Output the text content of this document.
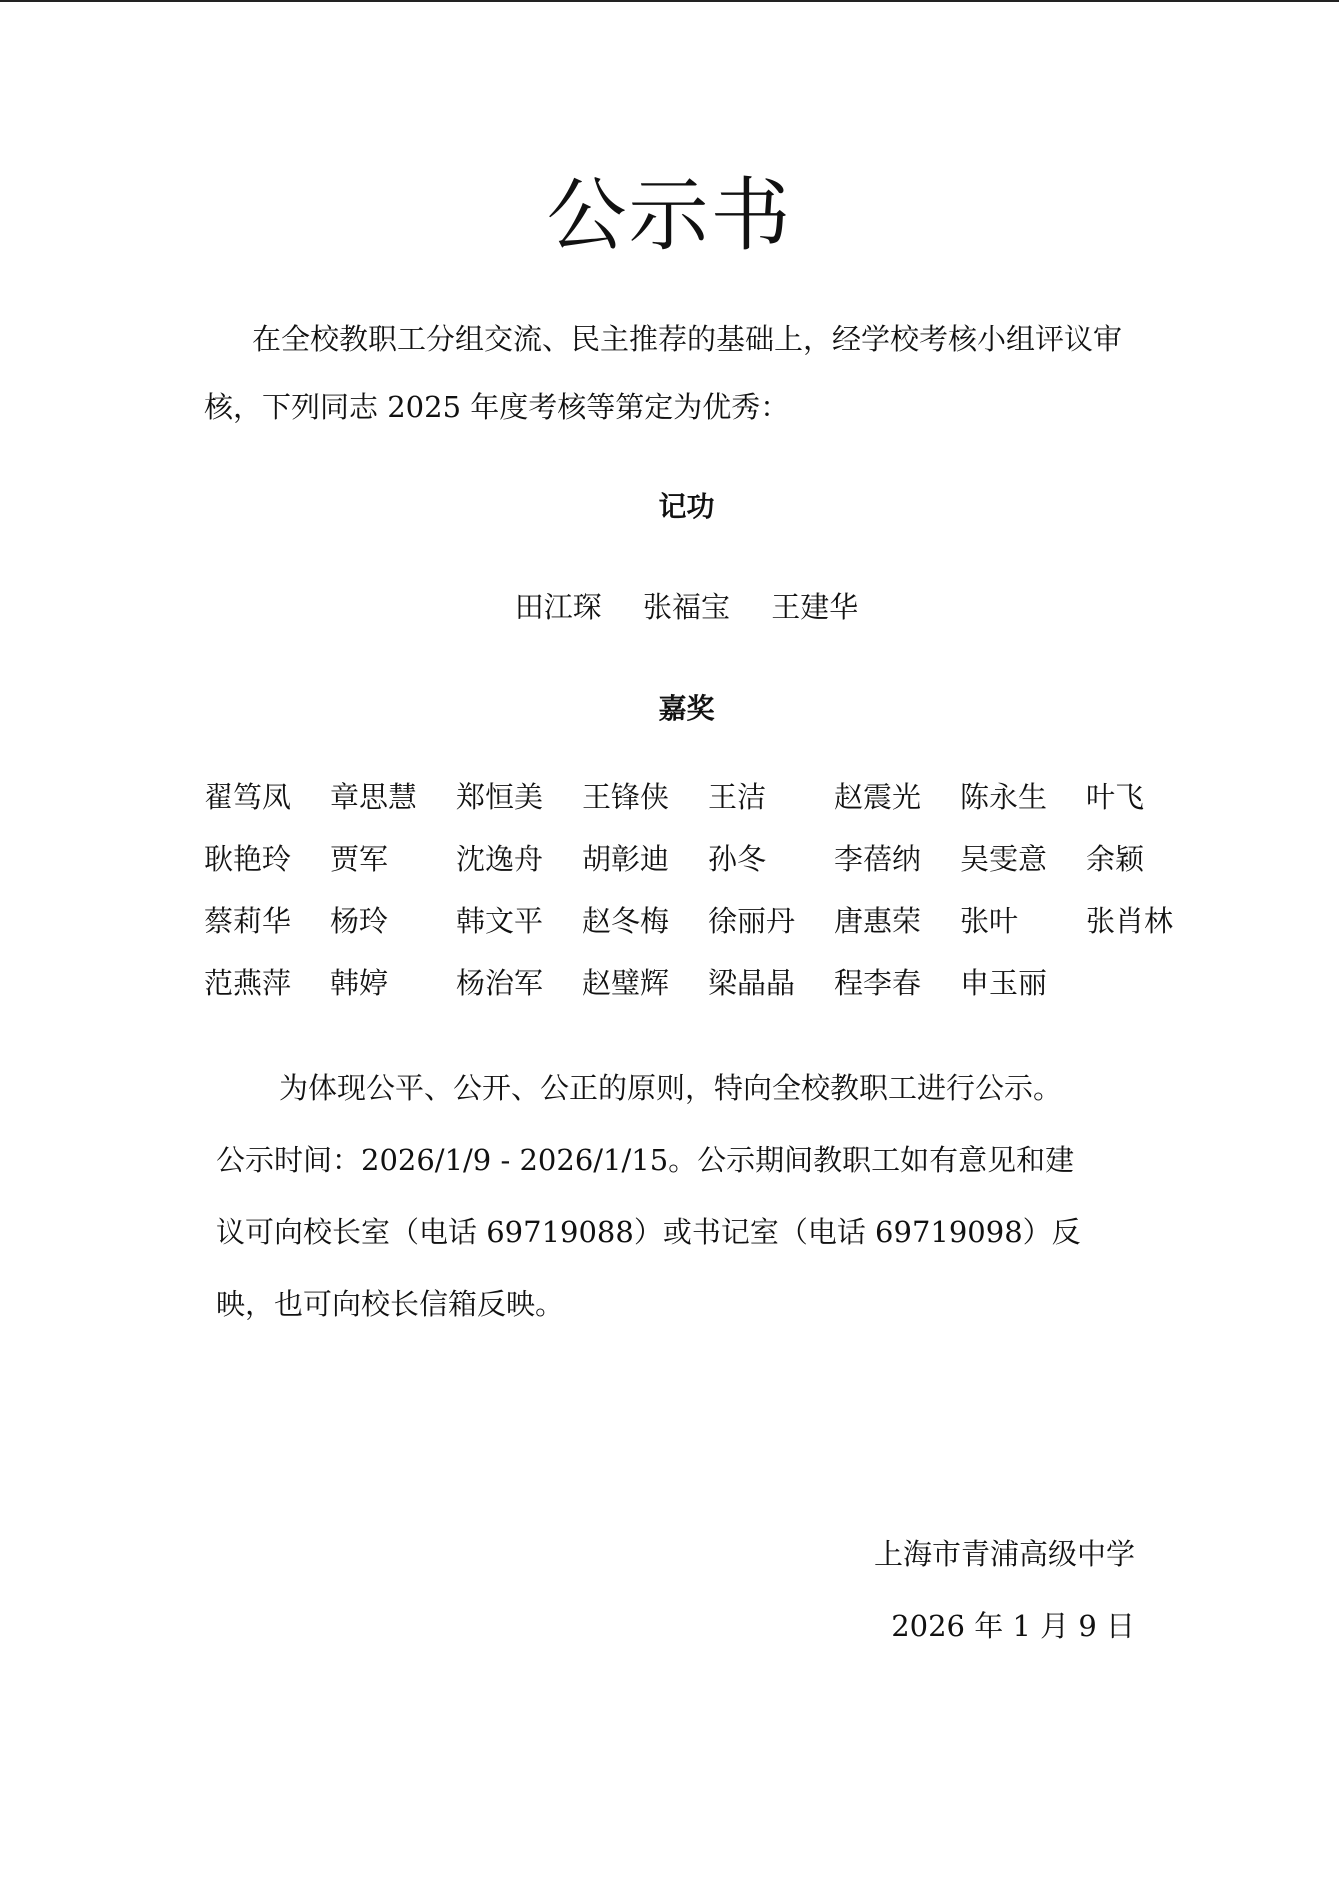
公示书

在全校教职工分组交流、民主推荐的基础上，经学校考核小组评议审核，下列同志 2025 年度考核等第定为优秀：

记功
田江琛 张福宝 王建华
嘉奖
翟笃凤	章思慧	郑恒美	王锋侠	王洁	赵震光	陈永生	叶飞
耿艳玲	贾军	沈逸舟	胡彰迪	孙冬	李蓓纳	吴雯意	余颖
蔡莉华	杨玲	韩文平	赵冬梅	徐丽丹	唐惠荣	张叶	张肖林
范燕萍	韩婷	杨治军	赵璧辉	梁晶晶	程李春	申玉丽
为体现公平、公开、公正的原则，特向全校教职工进行公示。
公示时间：2026/1/9 - 2026/1/15。公示期间教职工如有意见和建
议可向校长室（电话 69719088）或书记室（电话 69719098）反
映，也可向校长信箱反映。
上海市青浦高级中学
2026 年 1 月 9 日
